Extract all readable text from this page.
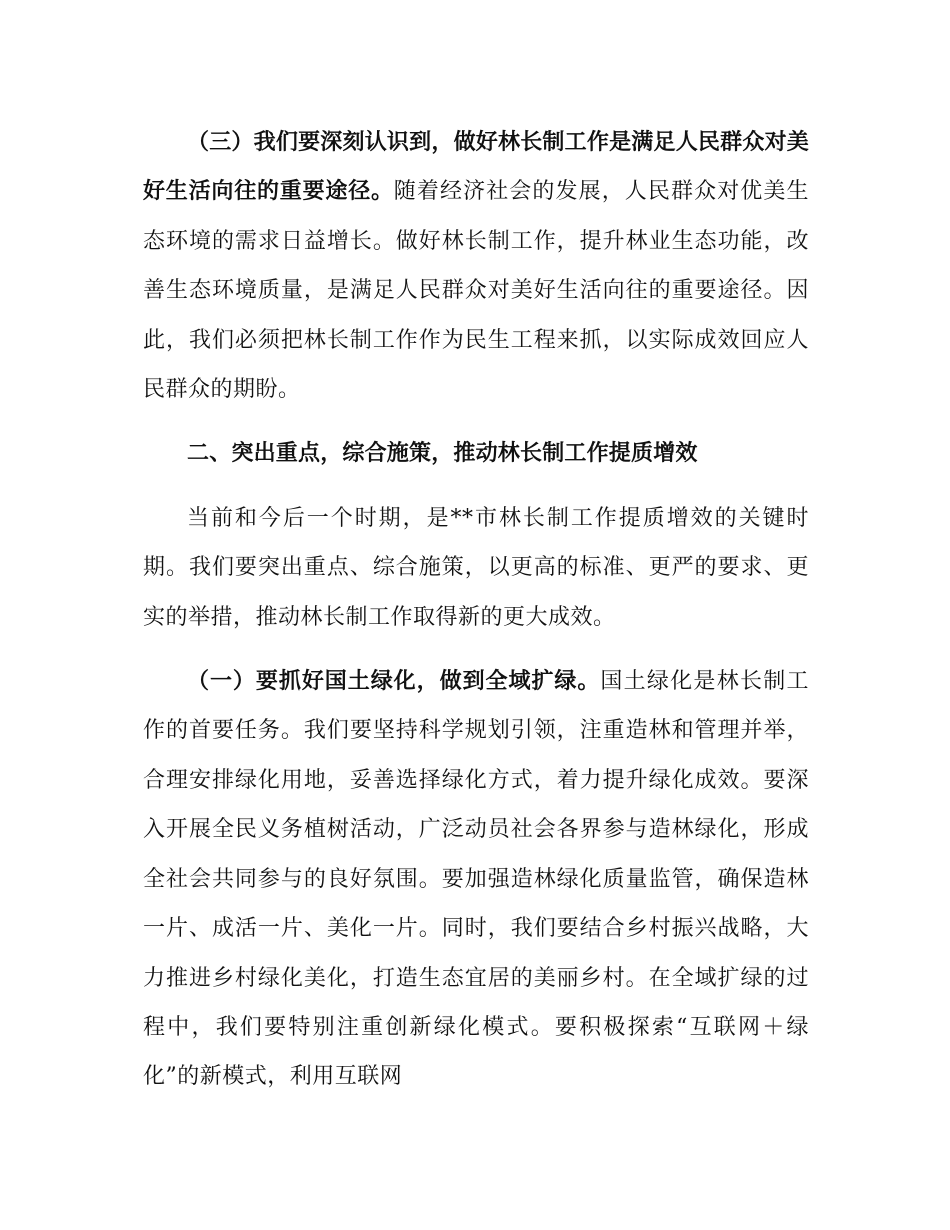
（三）我们要深刻认识到，做好林长制工作是满足人民群众对美好生活向往的重要途径。随着经济社会的发展，人民群众对优美生态环境的需求日益增长。做好林长制工作，提升林业生态功能，改善生态环境质量，是满足人民群众对美好生活向往的重要途径。因此，我们必须把林长制工作作为民生工程来抓，以实际成效回应人民群众的期盼。

二、突出重点，综合施策，推动林长制工作提质增效

当前和今后一个时期，是**市林长制工作提质增效的关键时期。我们要突出重点、综合施策，以更高的标准、更严的要求、更实的举措，推动林长制工作取得新的更大成效。

（一）要抓好国土绿化，做到全域扩绿。国土绿化是林长制工作的首要任务。我们要坚持科学规划引领，注重造林和管理并举，合理安排绿化用地，妥善选择绿化方式，着力提升绿化成效。要深入开展全民义务植树活动，广泛动员社会各界参与造林绿化，形成全社会共同参与的良好氛围。要加强造林绿化质量监管，确保造林一片、成活一片、美化一片。同时，我们要结合乡村振兴战略，大力推进乡村绿化美化，打造生态宜居的美丽乡村。在全域扩绿的过程中，我们要特别注重创新绿化模式。要积极探索“互联网＋绿化”的新模式，利用互联网
